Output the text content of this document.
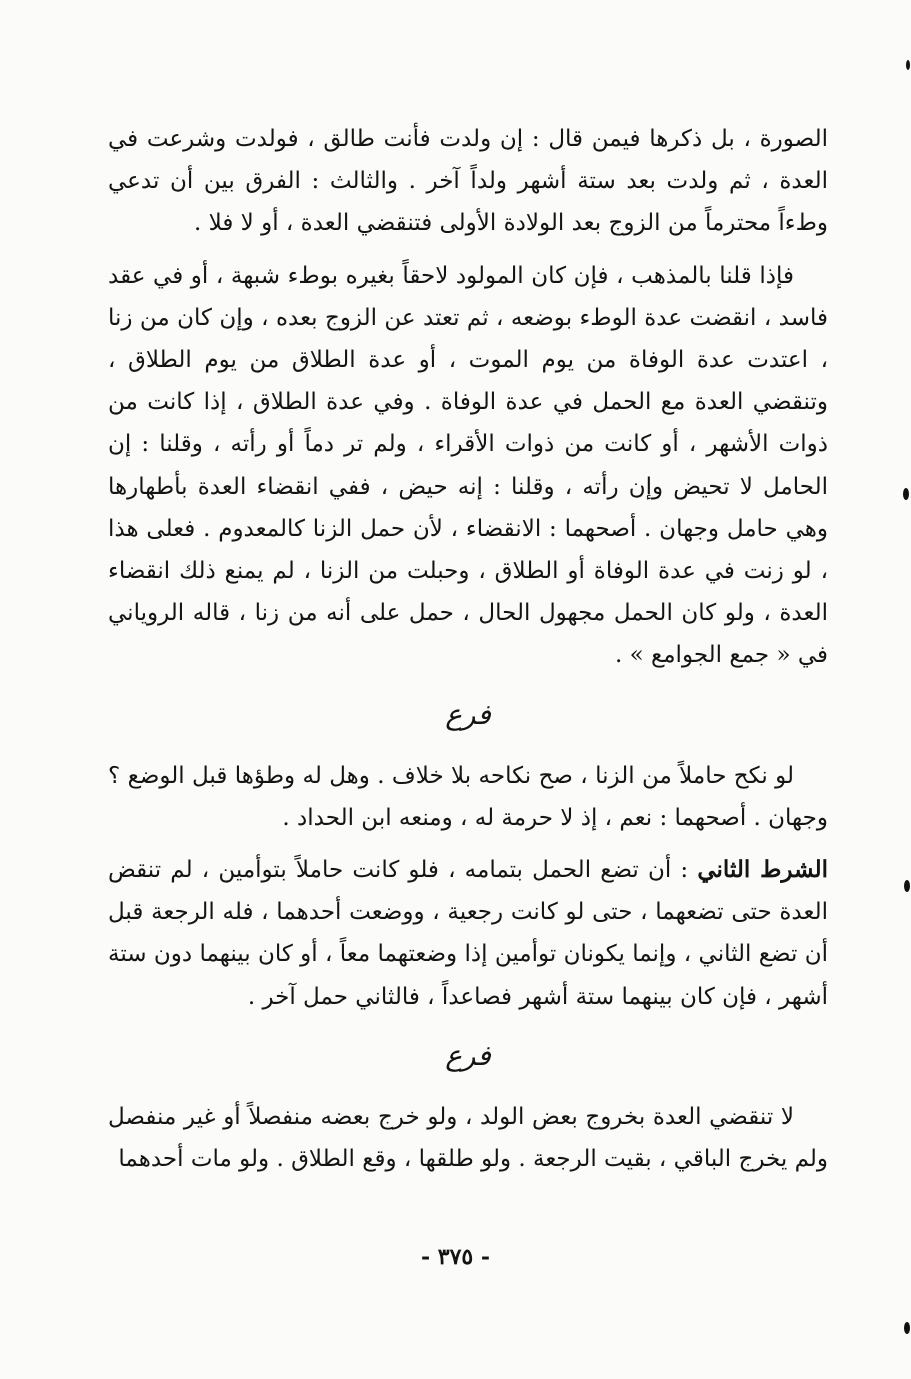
الصورة ، بل ذكرها فيمن قال : إن ولدت فأنت طالق ، فولدت وشرعت في العدة ، ثم ولدت بعد ستة أشهر ولداً آخر . والثالث : الفرق بين أن تدعي وطءاً محترماً من الزوج بعد الولادة الأولى فتنقضي العدة ، أو لا فلا .

فإذا قلنا بالمذهب ، فإن كان المولود لاحقاً بغيره بوطء شبهة ، أو في عقد فاسد ، انقضت عدة الوطء بوضعه ، ثم تعتد عن الزوج بعده ، وإن كان من زنا ، اعتدت عدة الوفاة من يوم الموت ، أو عدة الطلاق من يوم الطلاق ، وتنقضي العدة مع الحمل في عدة الوفاة . وفي عدة الطلاق ، إذا كانت من ذوات الأشهر ، أو كانت من ذوات الأقراء ، ولم تر دماً أو رأته ، وقلنا : إن الحامل لا تحيض وإن رأته ، وقلنا : إنه حيض ، ففي انقضاء العدة بأطهارها وهي حامل وجهان . أصحهما : الانقضاء ، لأن حمل الزنا كالمعدوم . فعلى هذا ، لو زنت في عدة الوفاة أو الطلاق ، وحبلت من الزنا ، لم يمنع ذلك انقضاء العدة ، ولو كان الحمل مجهول الحال ، حمل على أنه من زنا ، قاله الروياني في « جمع الجوامع » .

فرع

لو نكح حاملاً من الزنا ، صح نكاحه بلا خلاف . وهل له وطؤها قبل الوضع ؟ وجهان . أصحهما : نعم ، إذ لا حرمة له ، ومنعه ابن الحداد .

الشرط الثاني : أن تضع الحمل بتمامه ، فلو كانت حاملاً بتوأمين ، لم تنقض العدة حتى تضعهما ، حتى لو كانت رجعية ، ووضعت أحدهما ، فله الرجعة قبل أن تضع الثاني ، وإنما يكونان توأمين إذا وضعتهما معاً ، أو كان بينهما دون ستة أشهر ، فإن كان بينهما ستة أشهر فصاعداً ، فالثاني حمل آخر .

فرع

لا تنقضي العدة بخروج بعض الولد ، ولو خرج بعضه منفصلاً أو غير منفصل ولم يخرج الباقي ، بقيت الرجعة . ولو طلقها ، وقع الطلاق . ولو مات أحدهما

- ٣٧٥ -
